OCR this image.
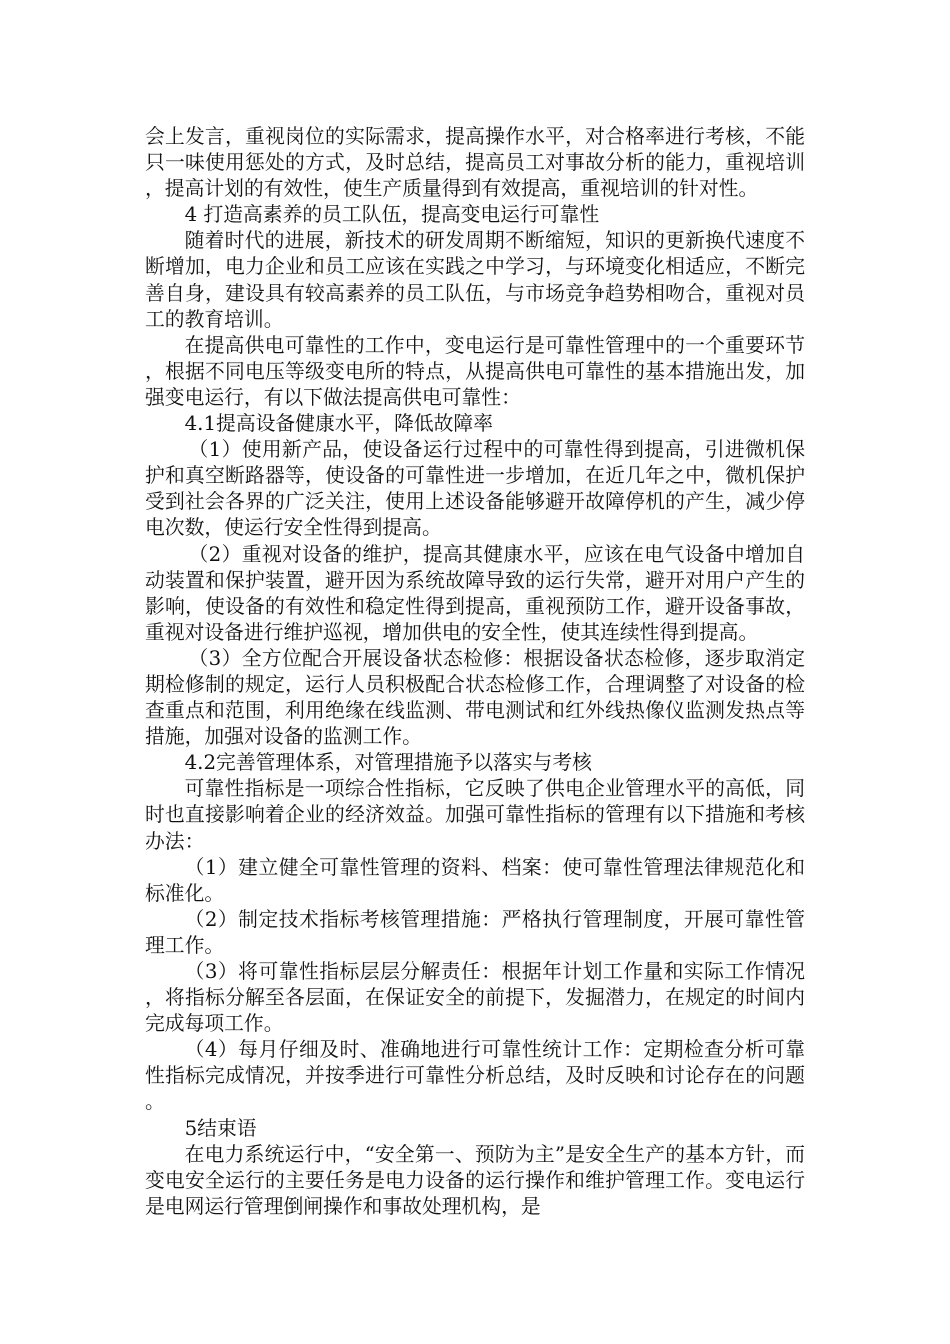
会上发言，重视岗位的实际需求，提高操作水平，对合格率进行考核，不能只一味使用惩处的方式，及时总结，提高员工对事故分析的能力，重视培训，提高计划的有效性，使生产质量得到有效提高，重视培训的针对性。

4 打造高素养的员工队伍，提高变电运行可靠性

随着时代的进展，新技术的研发周期不断缩短，知识的更新换代速度不断增加，电力企业和员工应该在实践之中学习，与环境变化相适应，不断完善自身，建设具有较高素养的员工队伍，与市场竞争趋势相吻合，重视对员工的教育培训。

在提高供电可靠性的工作中，变电运行是可靠性管理中的一个重要环节，根据不同电压等级变电所的特点，从提高供电可靠性的基本措施出发，加强变电运行，有以下做法提高供电可靠性：

4.1提高设备健康水平，降低故障率

（1）使用新产品，使设备运行过程中的可靠性得到提高，引进微机保护和真空断路器等，使设备的可靠性进一步增加，在近几年之中，微机保护受到社会各界的广泛关注，使用上述设备能够避开故障停机的产生，减少停电次数，使运行安全性得到提高。

（2）重视对设备的维护，提高其健康水平，应该在电气设备中增加自动装置和保护装置，避开因为系统故障导致的运行失常，避开对用户产生的影响，使设备的有效性和稳定性得到提高，重视预防工作，避开设备事故，重视对设备进行维护巡视，增加供电的安全性，使其连续性得到提高。

（3）全方位配合开展设备状态检修：根据设备状态检修，逐步取消定期检修制的规定，运行人员积极配合状态检修工作，合理调整了对设备的检查重点和范围，利用绝缘在线监测、带电测试和红外线热像仪监测发热点等措施，加强对设备的监测工作。

4.2完善管理体系，对管理措施予以落实与考核

可靠性指标是一项综合性指标，它反映了供电企业管理水平的高低，同时也直接影响着企业的经济效益。加强可靠性指标的管理有以下措施和考核办法：

（1）建立健全可靠性管理的资料、档案：使可靠性管理法律规范化和标准化。

（2）制定技术指标考核管理措施：严格执行管理制度，开展可靠性管理工作。

（3）将可靠性指标层层分解责任：根据年计划工作量和实际工作情况，将指标分解至各层面，在保证安全的前提下，发掘潜力，在规定的时间内完成每项工作。

（4）每月仔细及时、准确地进行可靠性统计工作：定期检查分析可靠性指标完成情况，并按季进行可靠性分析总结，及时反映和讨论存在的问题。

5结束语

在电力系统运行中，“安全第一、预防为主”是安全生产的基本方针，而变电安全运行的主要任务是电力设备的运行操作和维护管理工作。变电运行是电网运行管理倒闸操作和事故处理机构，是
